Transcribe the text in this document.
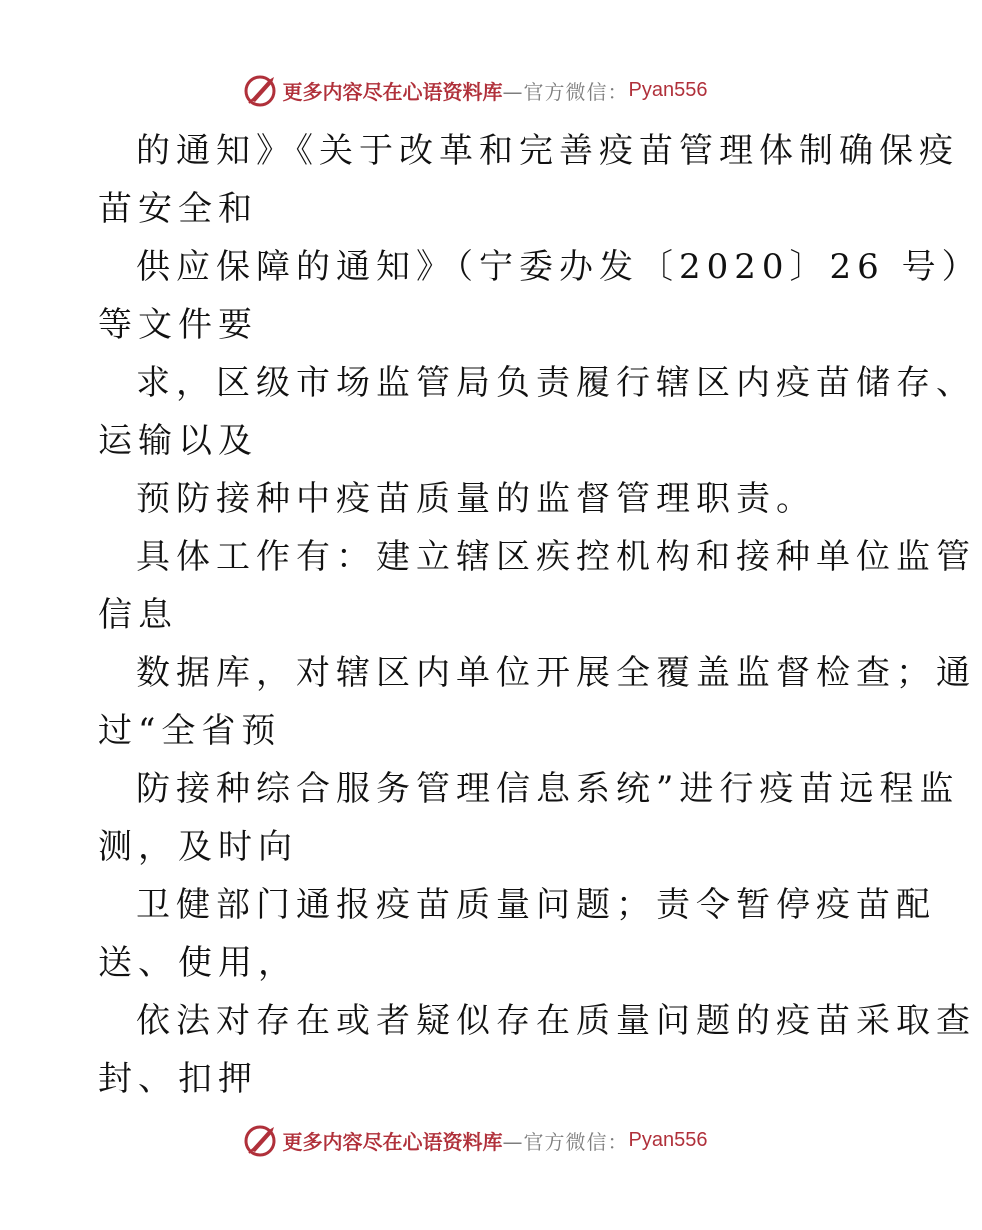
更多内容尽在心语资料库 —官方微信： Pyan556
的通知》《关于改革和完善疫苗管理体制确保疫
苗安全和
供应保障的通知》（宁委办发〔2020〕26 号）
等文件要
求，区级市场监管局负责履行辖区内疫苗储存、
运输以及
预防接种中疫苗质量的监督管理职责。
具体工作有：建立辖区疾控机构和接种单位监管
信息
数据库，对辖区内单位开展全覆盖监督检查；通
过“全省预
防接种综合服务管理信息系统”进行疫苗远程监
测，及时向
卫健部门通报疫苗质量问题；责令暂停疫苗配
送、使用，
依法对存在或者疑似存在质量问题的疫苗采取查
封、扣押
更多内容尽在心语资料库 —官方微信： Pyan556
